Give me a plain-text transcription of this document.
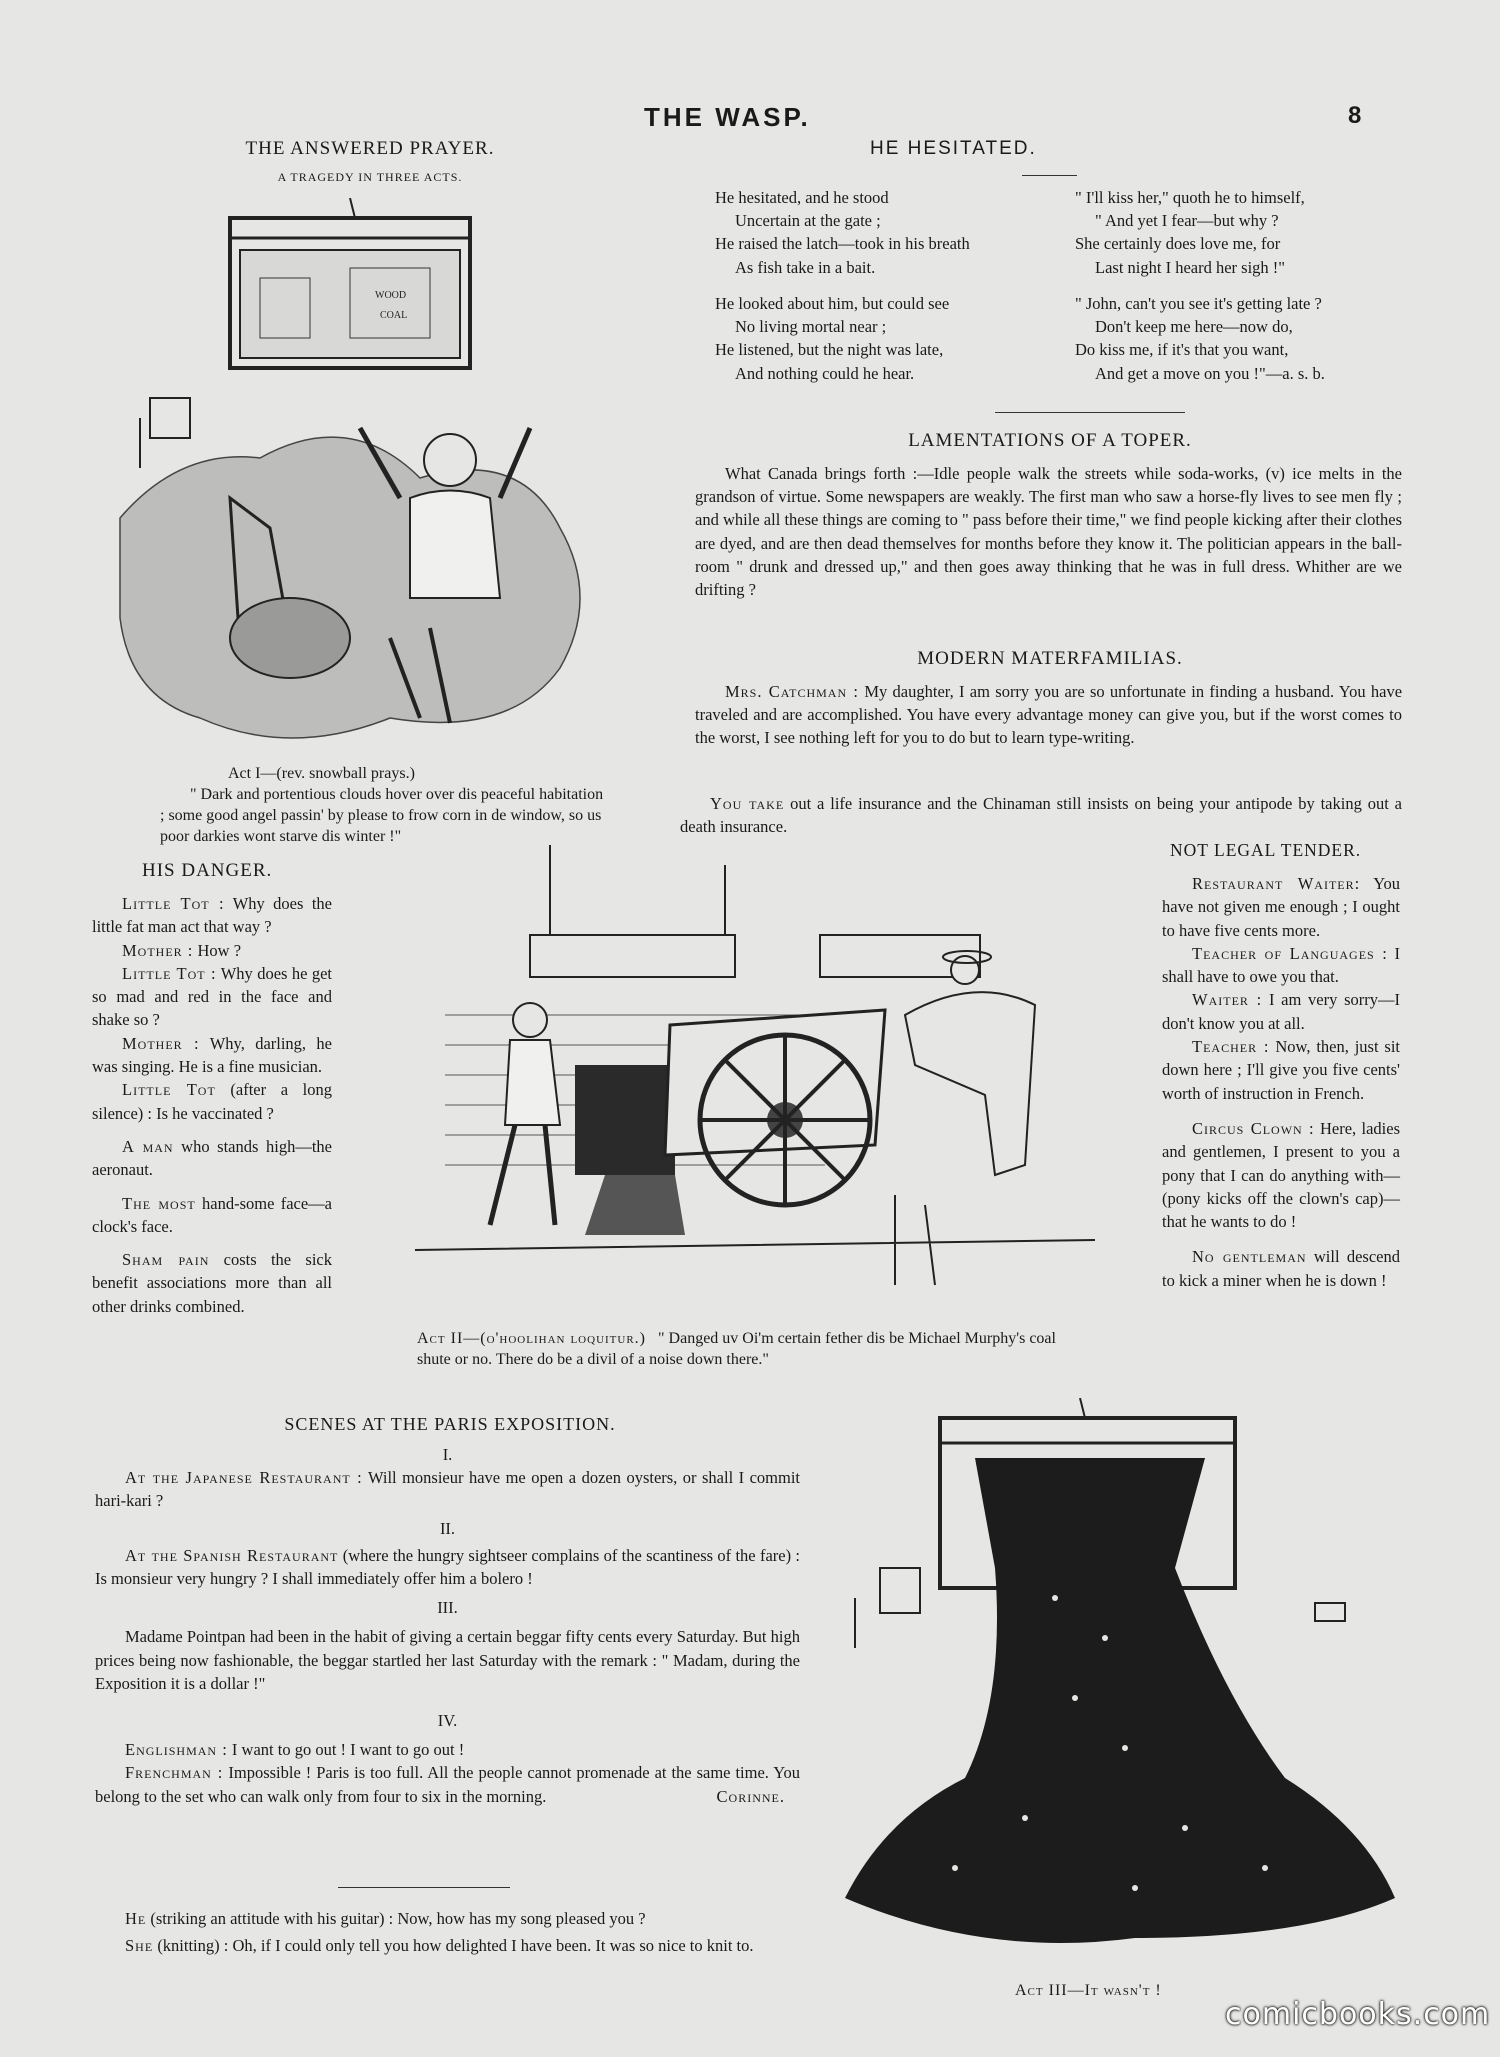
THE WASP.	8
THE ANSWERED PRAYER.
A TRAGEDY IN THREE ACTS.
WOOD
COAL
Act I—(rev. snowball prays.)
" Dark and portentious clouds hover over dis peaceful habitation ; some good angel passin' by please to frow corn in de window, so us poor darkies wont starve dis winter !"
HE HESITATED.
He hesitated, and he stood
Uncertain at the gate ;
He raised the latch—took in his breath
As fish take in a bait.
He looked about him, but could see
No living mortal near ;
He listened, but the night was late,
And nothing could he hear.
" I'll kiss her," quoth he to himself,
" And yet I fear—but why ?
She certainly does love me, for
Last night I heard her sigh !"
" John, can't you see it's getting late ?
Don't keep me here—now do,
Do kiss me, if it's that you want,
And get a move on you !"—a. s. b.
LAMENTATIONS OF A TOPER.
What Canada brings forth :—Idle people walk the streets while soda-works, (v) ice melts in the grandson of virtue. Some newspapers are weakly. The first man who saw a horse-fly lives to see men fly ; and while all these things are coming to " pass before their time," we find people kicking after their clothes are dyed, and are then dead themselves for months before they know it. The politician appears in the ball-room " drunk and dressed up," and then goes away thinking that he was in full dress. Whither are we drifting ?
MODERN MATERFAMILIAS.
Mrs. Catchman : My daughter, I am sorry you are so unfortunate in finding a husband. You have traveled and are accomplished. You have every advantage money can give you, but if the worst comes to the worst, I see nothing left for you to do but to learn type-writing.
You take out a life insurance and the Chinaman still insists on being your antipode by taking out a death insurance.
HIS DANGER.

Little Tot : Why does the little fat man act that way ?

Mother : How ?

Little Tot : Why does he get so mad and red in the face and shake so ?

Mother : Why, darling, he was singing. He is a fine musician.

Little Tot (after a long silence) : Is he vaccinated ?

A man who stands high—the aeronaut.

The most hand-some face—a clock's face.

Sham pain costs the sick benefit associations more than all other drinks combined.

Act II—(o'hoolihan loquitur.) " Danged uv Oi'm certain fether dis be Michael Murphy's coal shute or no. There do be a divil of a noise down there."
NOT LEGAL TENDER.

Restaurant Waiter: You have not given me enough ; I ought to have five cents more.

Teacher of Languages : I shall have to owe you that.

Waiter : I am very sorry—I don't know you at all.

Teacher : Now, then, just sit down here ; I'll give you five cents' worth of instruction in French.

Circus Clown : Here, ladies and gentlemen, I present to you a pony that I can do anything with—(pony kicks off the clown's cap)—that he wants to do !

No gentleman will descend to kick a miner when he is down !

SCENES AT THE PARIS EXPOSITION.

I.

At the Japanese Restaurant : Will monsieur have me open a dozen oysters, or shall I commit hari-kari ?

II.

At the Spanish Restaurant (where the hungry sightseer complains of the scantiness of the fare) : Is monsieur very hungry ? I shall immediately offer him a bolero !

III.

Madame Pointpan had been in the habit of giving a certain beggar fifty cents every Saturday. But high prices being now fashionable, the beggar startled her last Saturday with the remark : " Madam, during the Exposition it is a dollar !"

IV.

Englishman : I want to go out ! I want to go out !

Frenchman : Impossible ! Paris is too full. All the people cannot promenade at the same time. You belong to the set who can walk only from four to six in the morning.	Corinne.

He (striking an attitude with his guitar) : Now, how has my song pleased you ?

She (knitting) : Oh, if I could only tell you how delighted I have been. It was so nice to knit to.

Act III—It wasn't !
comicbooks.com
